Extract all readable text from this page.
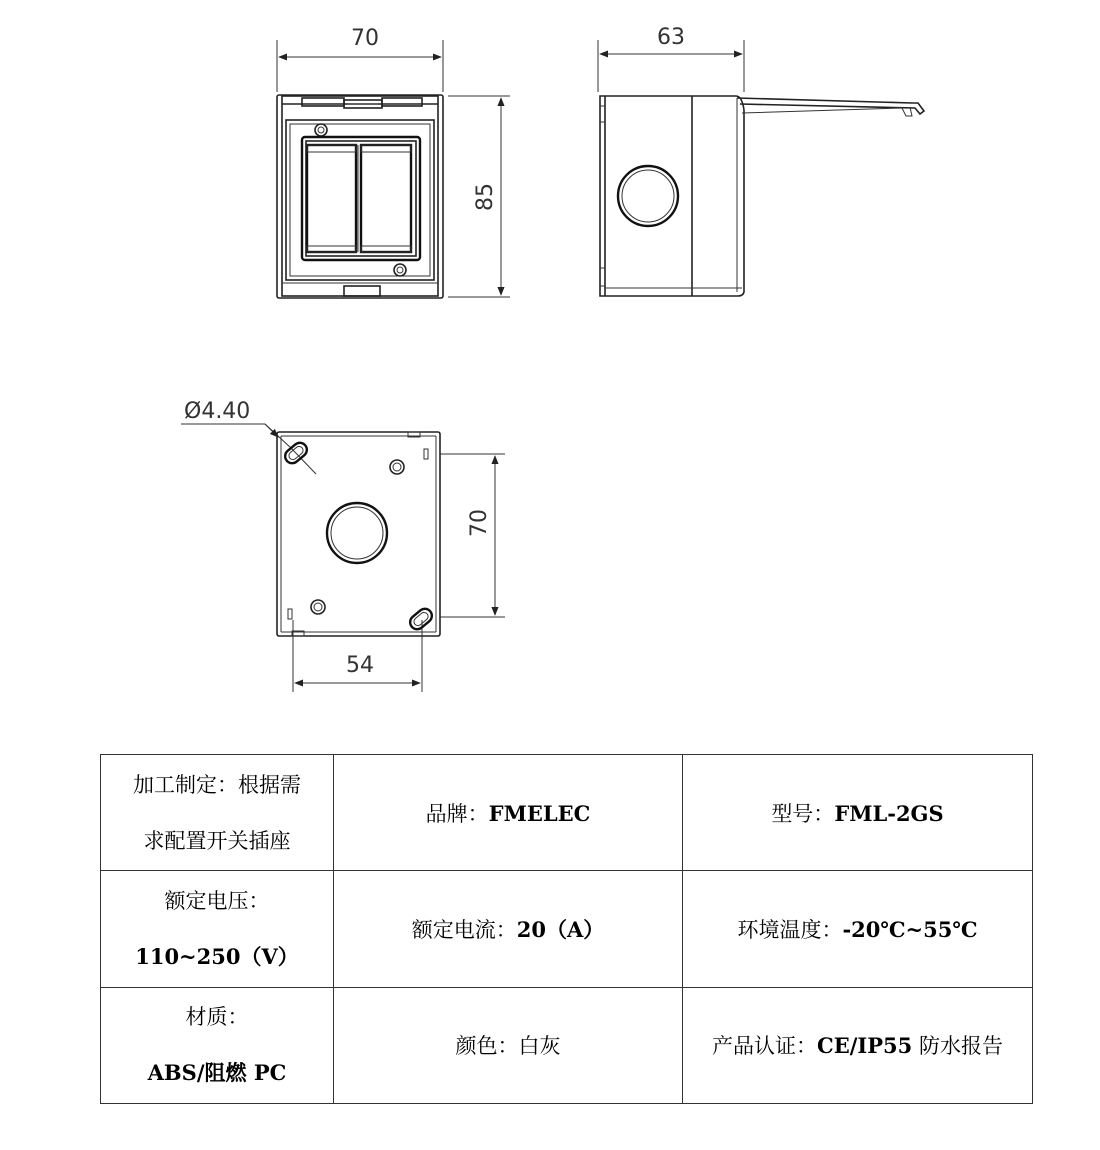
70
85
63
Ø4.40
70
54
加工制定：根据需
求配置开关插座	品牌：FMELEC	型号：FML-2GS

额定电压：
110~250（V）	额定电流：20（A）	环境温度：-20℃~55℃

材质：
ABS/阻燃 PC	颜色：白灰	产品认证：CE/IP55 防水报告
